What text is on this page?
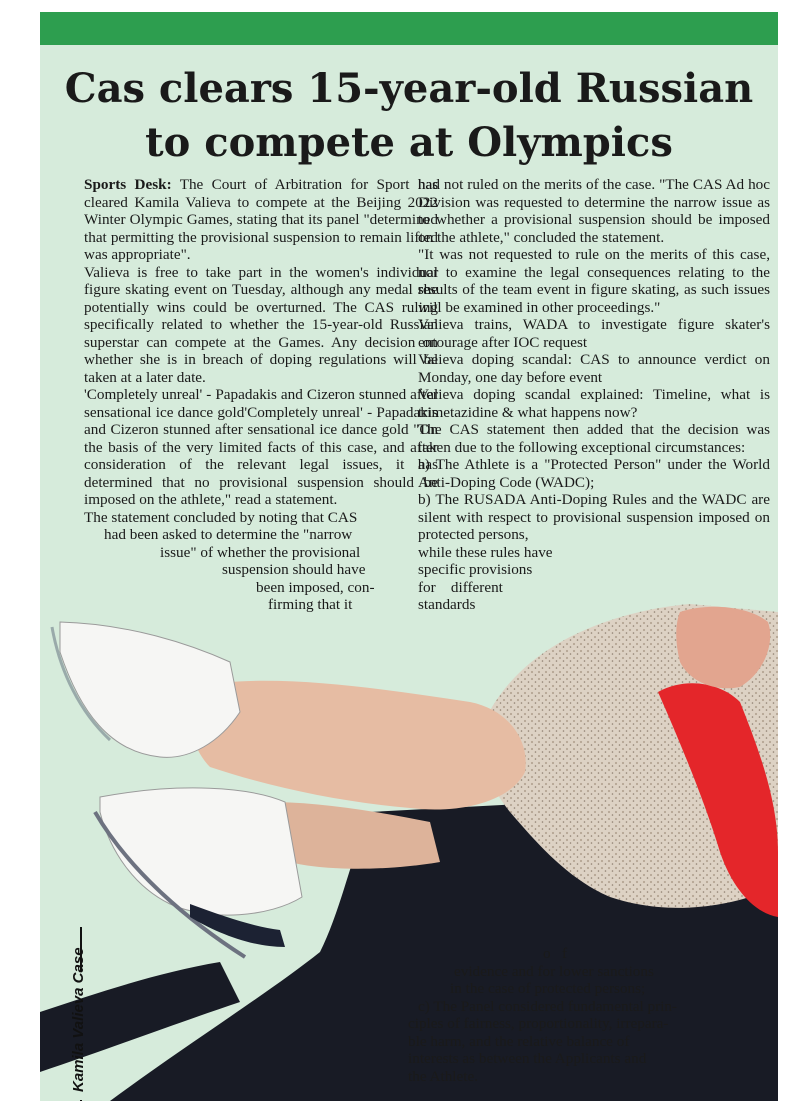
Cas clears 15-year-old Russian
to compete at Olympics

Sports Desk: The Court of Arbitration for Sport has cleared Kamila Valieva to compete at the Beijing 2022 Winter Olympic Games, stating that its panel "determined that permitting the provisional suspension to remain lifted was appropriate".

Valieva is free to take part in the women's individual figure skating event on Tuesday, although any medal she potentially wins could be overturned. The CAS ruling specifically related to whether the 15-year-old Russian superstar can compete at the Games. Any decision on whether she is in breach of doping regulations will be taken at a later date.

'Completely unreal' - Papadakis and Cizeron stunned after sensational ice dance gold'Completely unreal' - Papadakis and Cizeron stunned after sensational ice dance gold "On the basis of the very limited facts of this case, and after consideration of the relevant legal issues, it has determined that no provisional suspension should be imposed on the athlete," read a statement.

The statement concluded by noting that CAS
had been asked to determine the "narrow
issue" of whether the provisional
suspension should have
been imposed, con-
firming that it

had not ruled on the merits of the case. "The CAS Ad hoc Division was requested to determine the narrow issue as to whether a provisional suspension should be imposed on the athlete," concluded the statement.

"It was not requested to rule on the merits of this case, nor to examine the legal consequences relating to the results of the team event in figure skating, as such issues will be examined in other proceedings."

Valieva trains, WADA to investigate figure skater's entourage after IOC request

Valieva doping scandal: CAS to announce verdict on Monday, one day before event

Valieva doping scandal explained: Timeline, what is trimetazidine & what happens now?

The CAS statement then added that the decision was taken due to the following exceptional circumstances:

a) The Athlete is a "Protected Person" under the World Anti-Doping Code (WADC);

b) The RUSADA Anti-Doping Rules and the WADC are silent with respect to provisional suspension imposed on protected persons,

while these rules have
specific provisions
for    different
standards

o   f
evidence and for lower sanctions
in the case of protected persons;
c) The Panel considered fundamental prin-
ciples of fairness, proportionality, irrepara-
ble harm, and the relative balance of
interests as between the Applicants and
the Athlete.
Kamila Valieva Case
